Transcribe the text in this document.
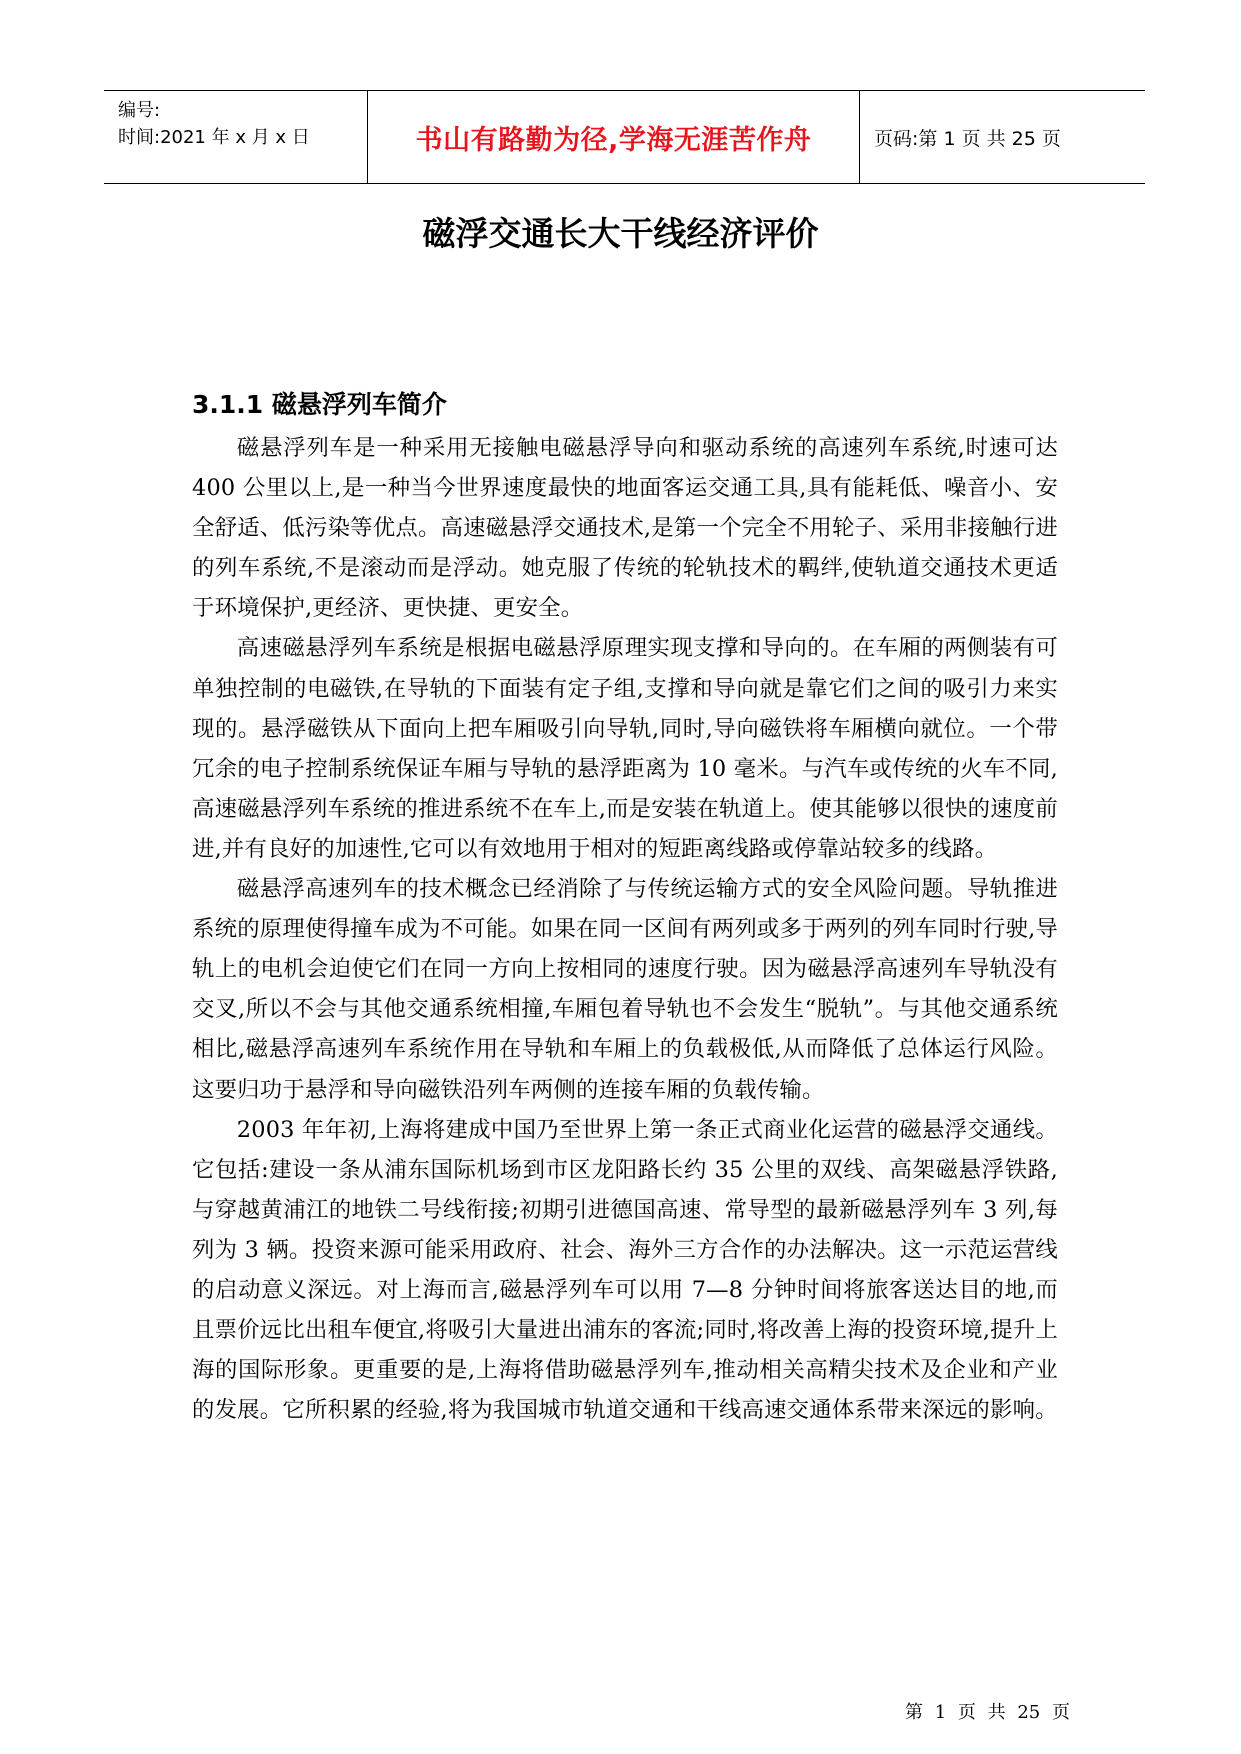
编号:
时间:2021 年 x 月 x 日	书山有路勤为径,学海无涯苦作舟	页码:第 1 页 共 25 页
磁浮交通长大干线经济评价
3.1.1 磁悬浮列车简介

磁悬浮列车是一种采用无接触电磁悬浮导向和驱动系统的高速列车系统,时速可达 400 公里以上,是一种当今世界速度最快的地面客运交通工具,具有能耗低、噪音小、安全舒适、低污染等优点。高速磁悬浮交通技术,是第一个完全不用轮子、采用非接触行进的列车系统,不是滚动而是浮动。她克服了传统的轮轨技术的羁绊,使轨道交通技术更适于环境保护,更经济、更快捷、更安全。

高速磁悬浮列车系统是根据电磁悬浮原理实现支撑和导向的。在车厢的两侧装有可单独控制的电磁铁,在导轨的下面装有定子组,支撑和导向就是靠它们之间的吸引力来实现的。悬浮磁铁从下面向上把车厢吸引向导轨,同时,导向磁铁将车厢横向就位。一个带冗余的电子控制系统保证车厢与导轨的悬浮距离为 10 毫米。与汽车或传统的火车不同,高速磁悬浮列车系统的推进系统不在车上,而是安装在轨道上。使其能够以很快的速度前进,并有良好的加速性,它可以有效地用于相对的短距离线路或停靠站较多的线路。

磁悬浮高速列车的技术概念已经消除了与传统运输方式的安全风险问题。导轨推进系统的原理使得撞车成为不可能。如果在同一区间有两列或多于两列的列车同时行驶,导轨上的电机会迫使它们在同一方向上按相同的速度行驶。因为磁悬浮高速列车导轨没有交叉,所以不会与其他交通系统相撞,车厢包着导轨也不会发生“脱轨”。与其他交通系统相比,磁悬浮高速列车系统作用在导轨和车厢上的负载极低,从而降低了总体运行风险。这要归功于悬浮和导向磁铁沿列车两侧的连接车厢的负载传输。

2003 年年初,上海将建成中国乃至世界上第一条正式商业化运营的磁悬浮交通线。它包括:建设一条从浦东国际机场到市区龙阳路长约 35 公里的双线、高架磁悬浮铁路,与穿越黄浦江的地铁二号线衔接;初期引进德国高速、常导型的最新磁悬浮列车 3 列,每列为 3 辆。投资来源可能采用政府、社会、海外三方合作的办法解决。这一示范运营线的启动意义深远。对上海而言,磁悬浮列车可以用 7—8 分钟时间将旅客送达目的地,而且票价远比出租车便宜,将吸引大量进出浦东的客流;同时,将改善上海的投资环境,提升上海的国际形象。更重要的是,上海将借助磁悬浮列车,推动相关高精尖技术及企业和产业的发展。它所积累的经验,将为我国城市轨道交通和干线高速交通体系带来深远的影响。

第 1 页 共 25 页
